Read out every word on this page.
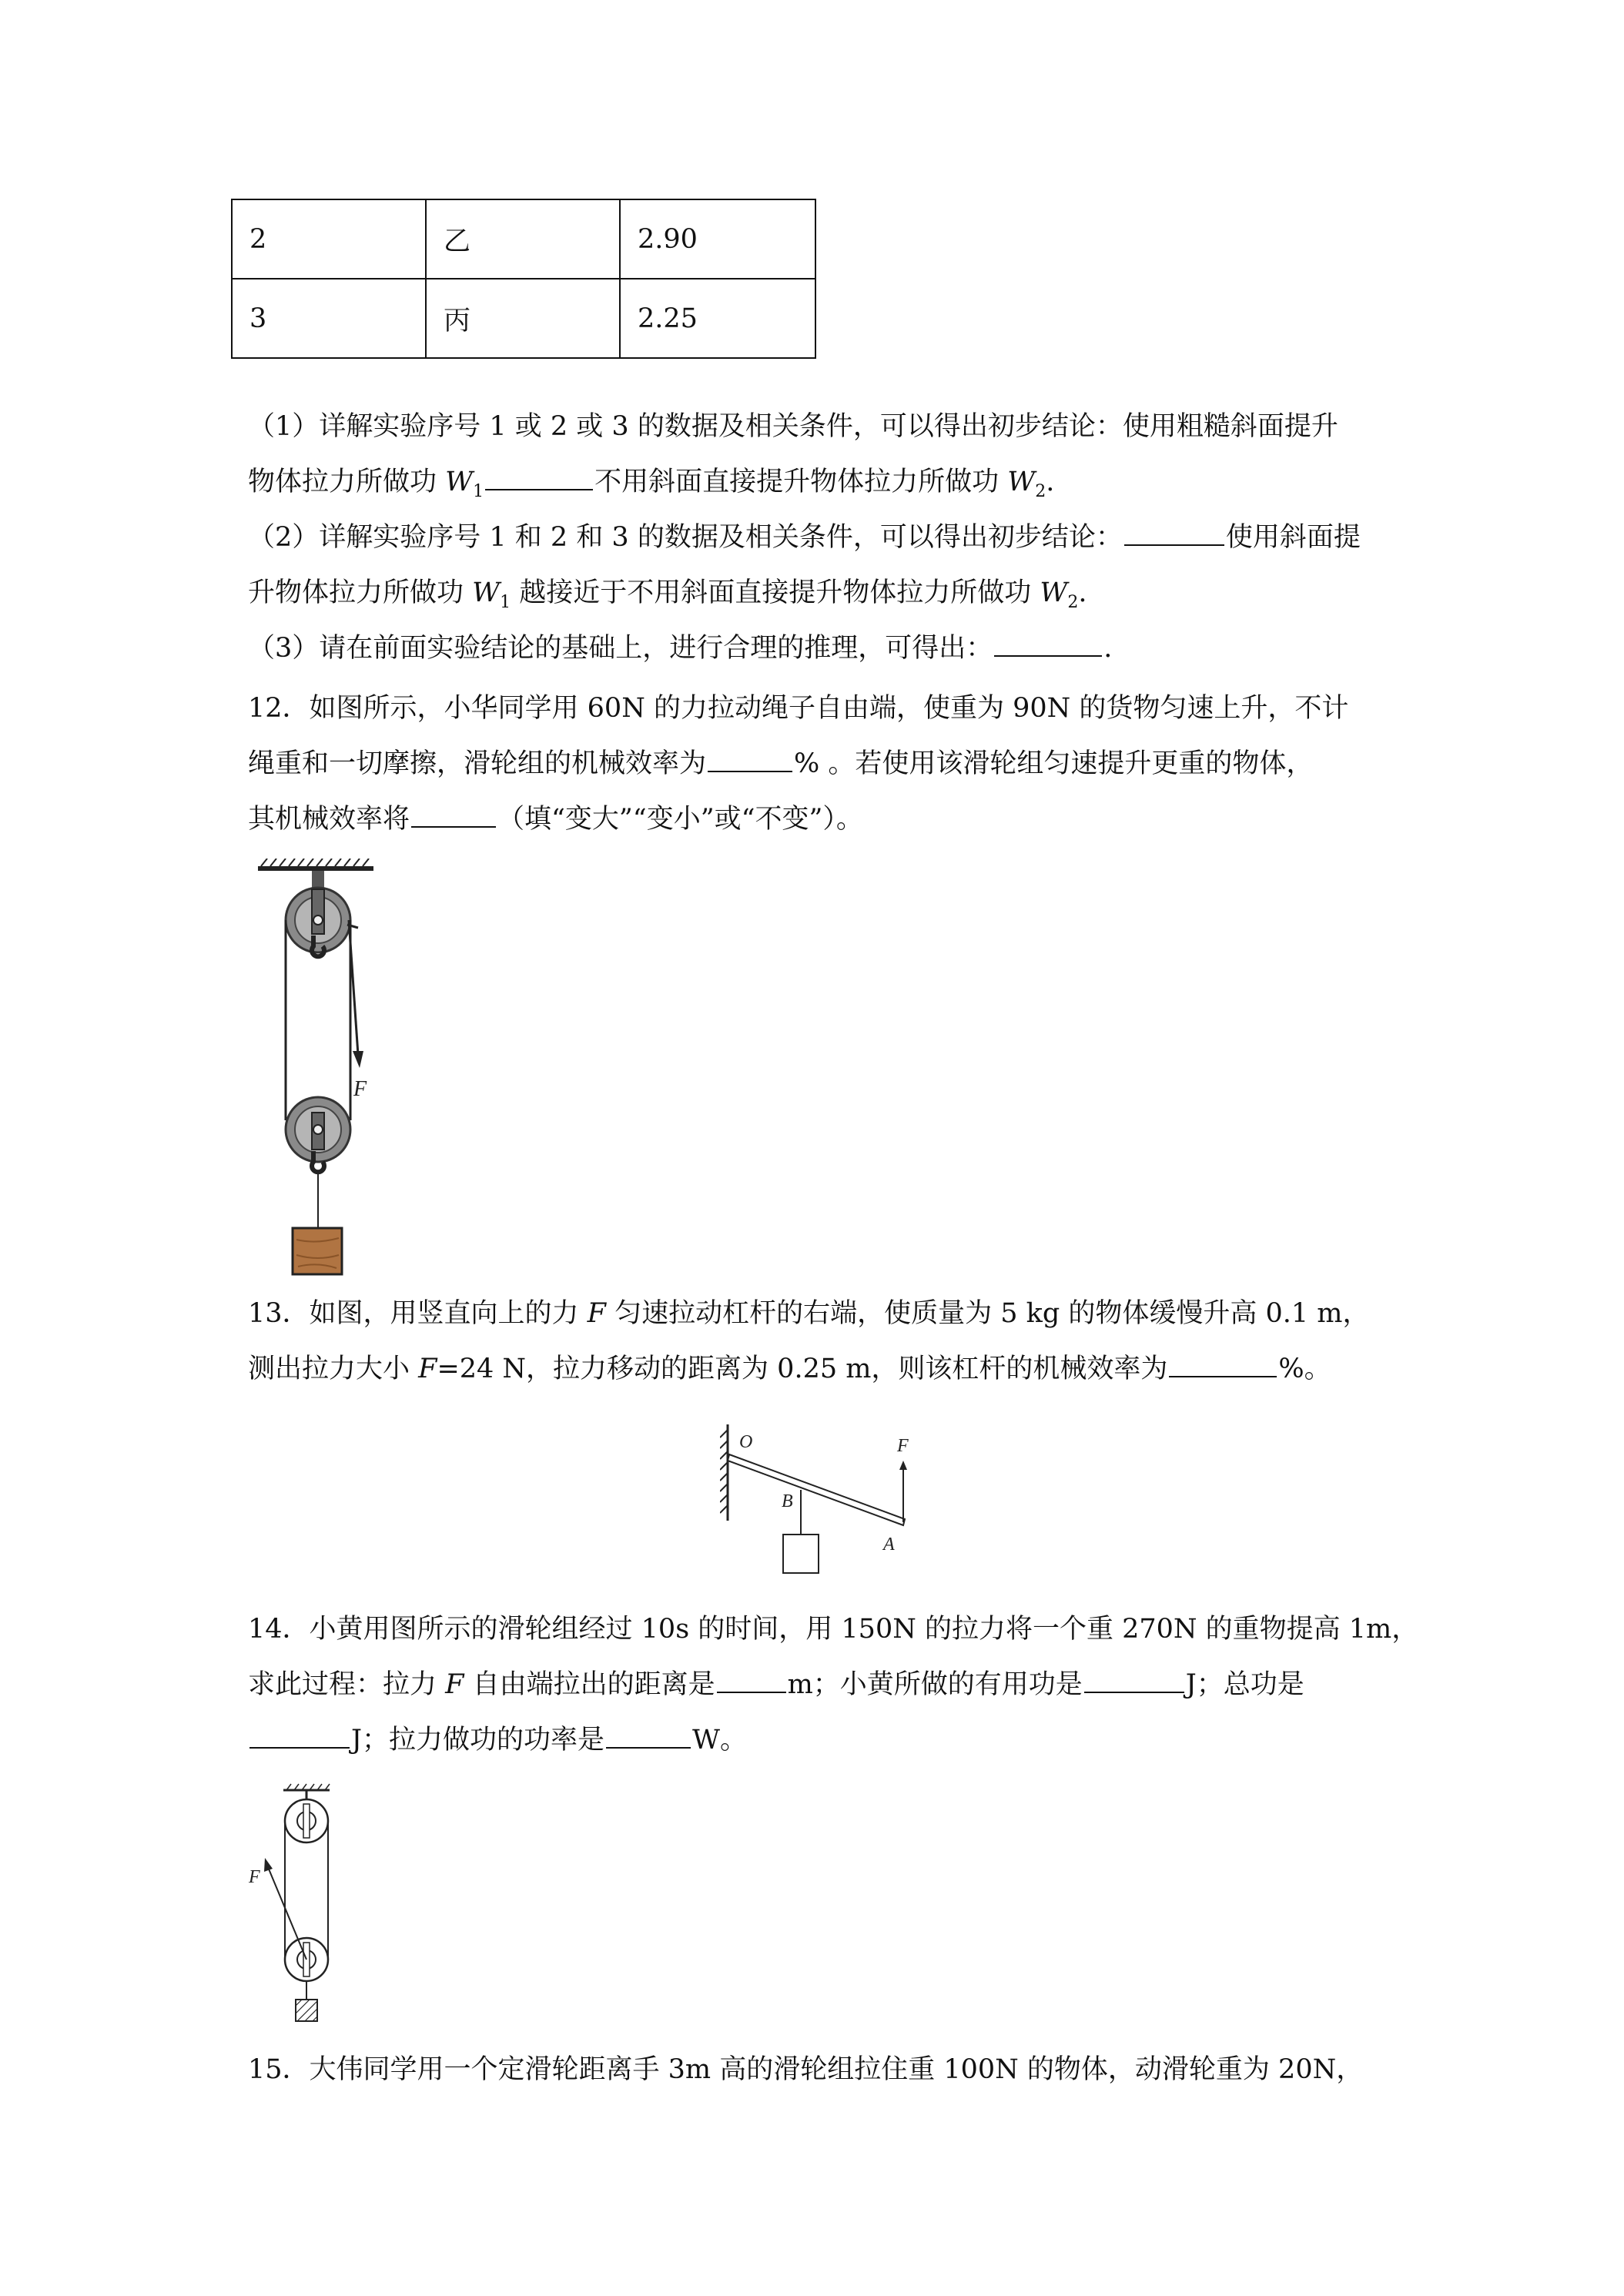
2	乙	2.90
3	丙	2.25
（1）详解实验序号 1 或 2 或 3 的数据及相关条件，可以得出初步结论：使用粗糙斜面提升
物体拉力所做功 $W_1$	不用斜面直接提升物体拉力所做功 $W_2$.
（2）详解实验序号 1 和 2 和 3 的数据及相关条件，可以得出初步结论：	使用斜面提
升物体拉力所做功 $W_1$ 越接近于不用斜面直接提升物体拉力所做功 $W_2$.
（3）请在前面实验结论的基础上，进行合理的推理，可得出：	.
12．如图所示，小华同学用 60N 的力拉动绳子自由端，使重为 90N 的货物匀速上升，不计
绳重和一切摩擦，滑轮组的机械效率为	% 。若使用该滑轮组匀速提升更重的物体，
其机械效率将	（填“变大”“变小”或“不变”）。
F
13．如图，用竖直向上的力 F 匀速拉动杠杆的右端，使质量为 5 kg 的物体缓慢升高 0.1 m，
测出拉力大小 F=24 N，拉力移动的距离为 0.25 m，则该杠杆的机械效率为	%。
O	F
B
A
14．小黄用图所示的滑轮组经过 10s 的时间，用 150N 的拉力将一个重 270N 的重物提高 1m，
求此过程：拉力 F 自由端拉出的距离是	m；小黄所做的有用功是	J；总功是
J；拉力做功的功率是	W。
F
15．大伟同学用一个定滑轮距离手 3m 高的滑轮组拉住重 100N 的物体，动滑轮重为 20N，
